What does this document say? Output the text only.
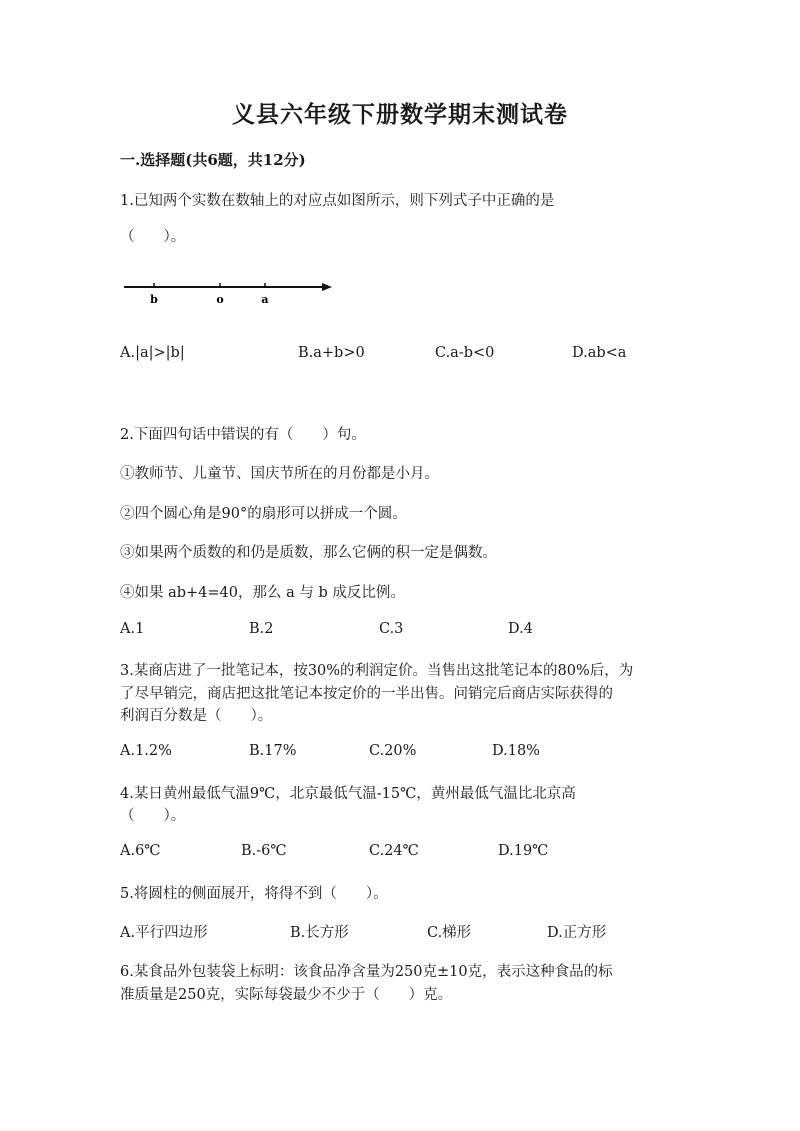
义县六年级下册数学期末测试卷
一.选择题(共6题，共12分)
1.已知两个实数在数轴上的对应点如图所示，则下列式子中正确的是
（　　）。
b	o	a
A.|a|>|b|	B.a+b>0	C.a-b<0	D.ab<a
2.下面四句话中错误的有（　　）句。
①教师节、儿童节、国庆节所在的月份都是小月。
②四个圆心角是90°的扇形可以拼成一个圆。
③如果两个质数的和仍是质数，那么它俩的积一定是偶数。
④如果 ab+4=40，那么 a 与 b 成反比例。
A.1	B.2	C.3	D.4
3.某商店进了一批笔记本，按30%的利润定价。当售出这批笔记本的80%后，为
了尽早销完，商店把这批笔记本按定价的一半出售。问销完后商店实际获得的
利润百分数是（　　）。
A.1.2%	B.17%	C.20%	D.18%
4.某日黄州最低气温9℃，北京最低气温-15℃，黄州最低气温比北京高
（　　）。
A.6℃	B.-6℃	C.24℃	D.19℃
5.将圆柱的侧面展开，将得不到（　　）。
A.平行四边形	B.长方形	C.梯形	D.正方形
6.某食品外包装袋上标明：该食品净含量为250克±10克，表示这种食品的标
准质量是250克，实际每袋最少不少于（　　）克。
